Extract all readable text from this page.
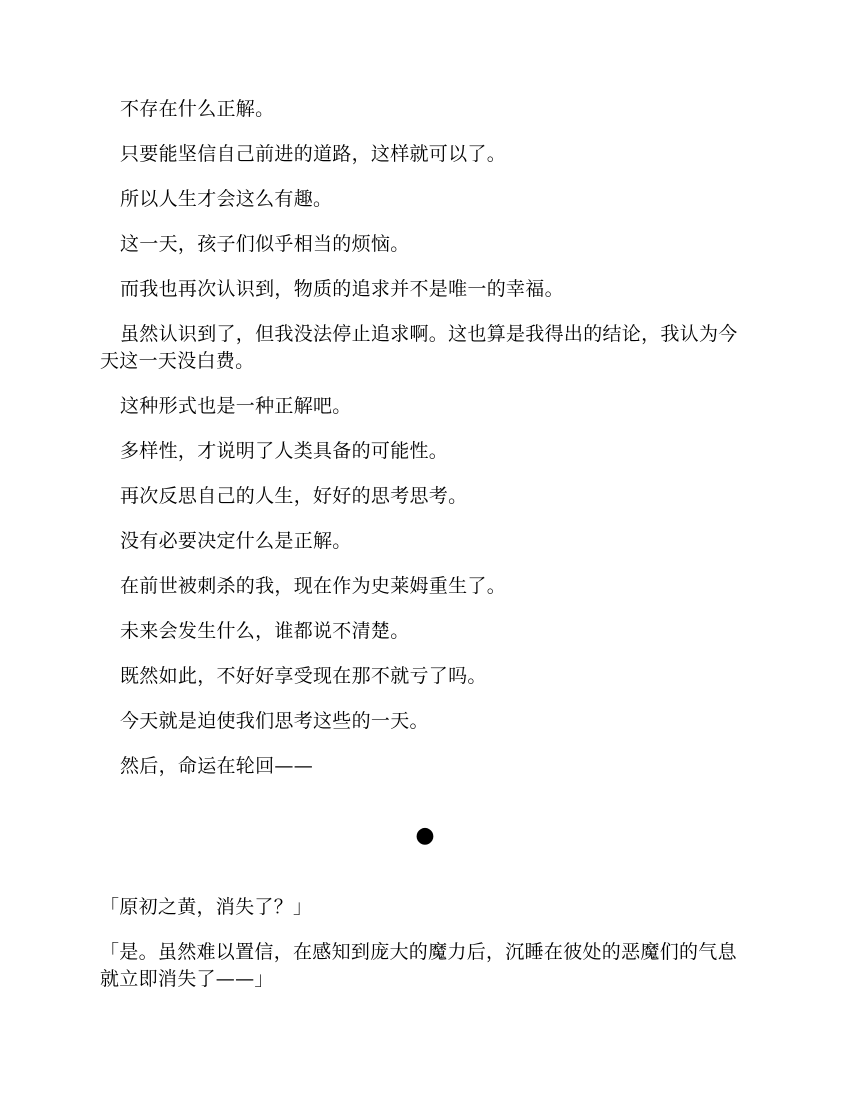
不存在什么正解。

只要能坚信自己前进的道路，这样就可以了。

所以人生才会这么有趣。

这一天，孩子们似乎相当的烦恼。

而我也再次认识到，物质的追求并不是唯一的幸福。

虽然认识到了，但我没法停止追求啊。这也算是我得出的结论，我认为今天这一天没白费。

这种形式也是一种正解吧。

多样性，才说明了人类具备的可能性。

再次反思自己的人生，好好的思考思考。

没有必要决定什么是正解。

在前世被刺杀的我，现在作为史莱姆重生了。

未来会发生什么，谁都说不清楚。

既然如此，不好好享受现在那不就亏了吗。

今天就是迫使我们思考这些的一天。

然后，命运在轮回——

●

「原初之黄，消失了？」

「是。虽然难以置信，在感知到庞大的魔力后，沉睡在彼处的恶魔们的气息就立即消失了——」
